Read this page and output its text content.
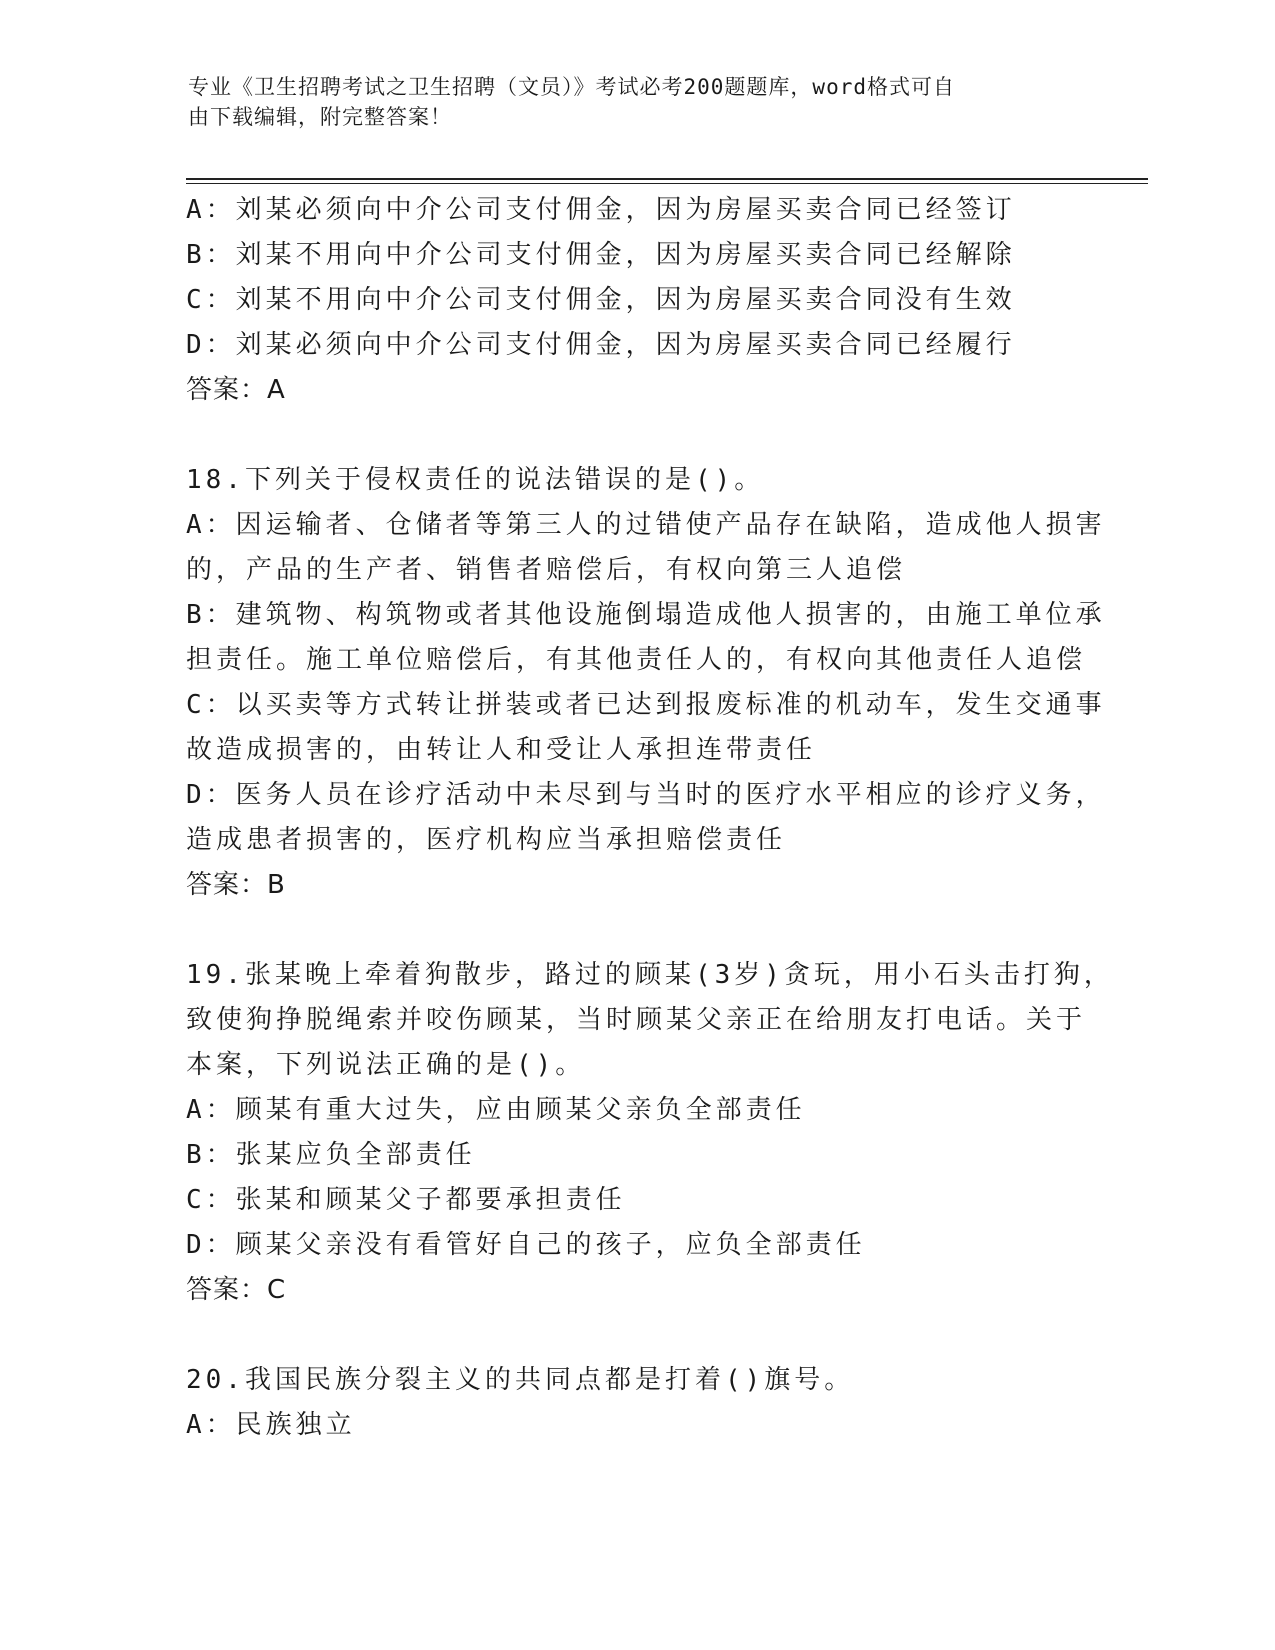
专业《卫生招聘考试之卫生招聘（文员）》考试必考200题题库，word格式可自
由下载编辑，附完整答案！
A：刘某必须向中介公司支付佣金，因为房屋买卖合同已经签订
B：刘某不用向中介公司支付佣金，因为房屋买卖合同已经解除
C：刘某不用向中介公司支付佣金，因为房屋买卖合同没有生效
D：刘某必须向中介公司支付佣金，因为房屋买卖合同已经履行
答案：A
18.下列关于侵权责任的说法错误的是()。
A：因运输者、仓储者等第三人的过错使产品存在缺陷，造成他人损害
的，产品的生产者、销售者赔偿后，有权向第三人追偿
B：建筑物、构筑物或者其他设施倒塌造成他人损害的，由施工单位承
担责任。施工单位赔偿后，有其他责任人的，有权向其他责任人追偿
C：以买卖等方式转让拼装或者已达到报废标准的机动车，发生交通事
故造成损害的，由转让人和受让人承担连带责任
D：医务人员在诊疗活动中未尽到与当时的医疗水平相应的诊疗义务，
造成患者损害的，医疗机构应当承担赔偿责任
答案：B
19.张某晚上牵着狗散步，路过的顾某(3岁)贪玩，用小石头击打狗，
致使狗挣脱绳索并咬伤顾某，当时顾某父亲正在给朋友打电话。关于
本案，下列说法正确的是()。
A：顾某有重大过失，应由顾某父亲负全部责任
B：张某应负全部责任
C：张某和顾某父子都要承担责任
D：顾某父亲没有看管好自己的孩子，应负全部责任
答案：C
20.我国民族分裂主义的共同点都是打着()旗号。
A：民族独立
